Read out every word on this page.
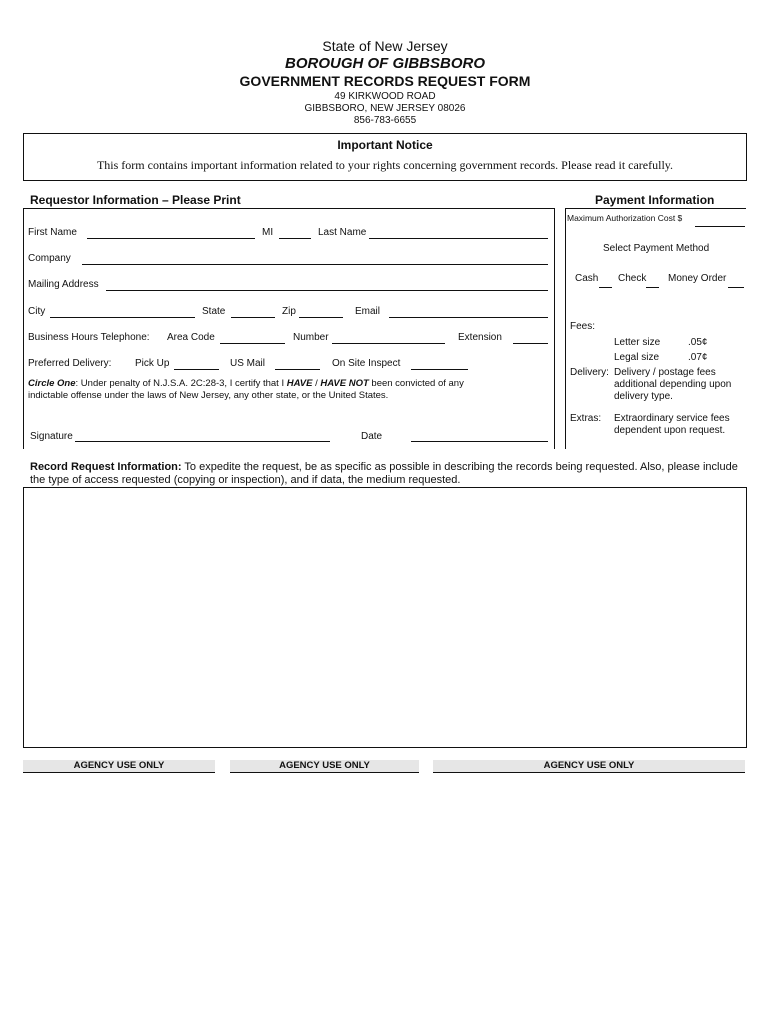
State of New Jersey
BOROUGH OF GIBBSBORO
GOVERNMENT RECORDS REQUEST FORM
49 KIRKWOOD ROAD
GIBBSBORO, NEW JERSEY 08026
856-783-6655
Important Notice
This form contains important information related to your rights concerning government records. Please read it carefully.
Requestor Information – Please Print
First Name	MI	Last Name
Company
Mailing Address
City	State	Zip	Email
Business Hours Telephone: Area Code	Number	Extension
Preferred Delivery: Pick Up	US Mail	On Site Inspect
Circle One: Under penalty of N.J.S.A. 2C:28-3, I certify that I HAVE / HAVE NOT been convicted of any
indictable offense under the laws of New Jersey, any other state, or the United States.
Signature	Date
Payment Information
Maximum Authorization Cost $
Select Payment Method
Cash Check Money Order
Fees:
Letter size	.05¢
Legal size	.07¢
Delivery: Delivery / postage fees additional depending upon delivery type.
Extras: Extraordinary service fees dependent upon request.
Record Request Information: To expedite the request, be as specific as possible in describing the records being requested. Also, please include the type of access requested (copying or inspection), and if data, the medium requested.
AGENCY USE ONLY	AGENCY USE ONLY	AGENCY USE ONLY
